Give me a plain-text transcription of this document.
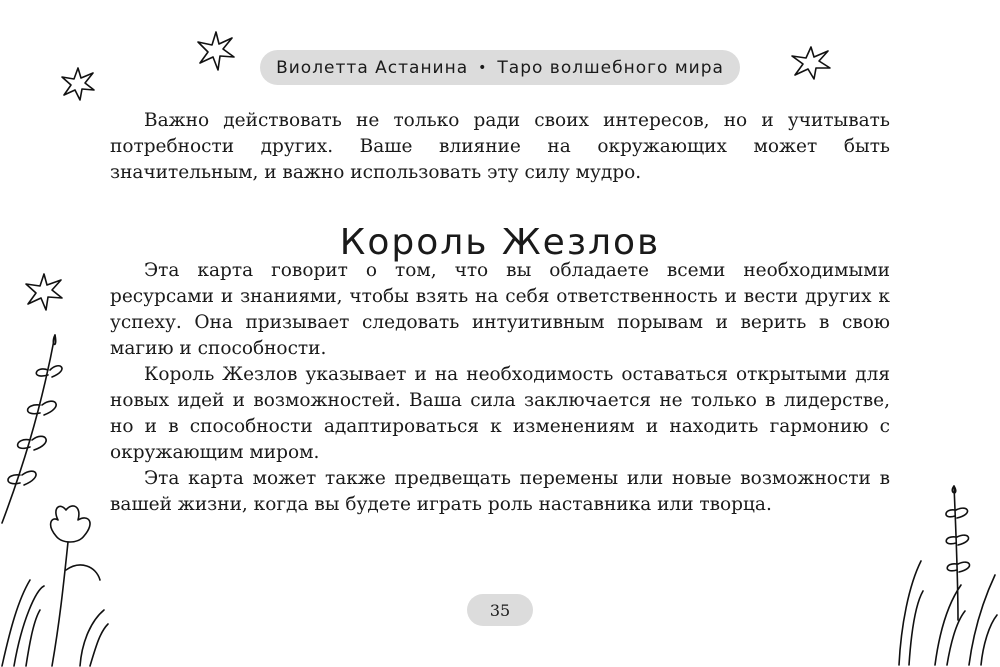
Виолетта Астанина • Таро волшебного мира

Важно действовать не только ради своих интересов, но и учитывать потребности других. Ваше влияние на окружающих может быть значительным, и важно использовать эту силу мудро.

Король Жезлов

Эта карта говорит о том, что вы обладаете всеми необходимыми ресурсами и знаниями, чтобы взять на себя ответственность и вести других к успеху. Она призывает следовать интуитивным порывам и верить в свою магию и способности.

Король Жезлов указывает и на необходимость оставаться открытыми для новых идей и возможностей. Ваша сила заключается не только в лидерстве, но и в способности адаптироваться к изменениям и находить гармонию с окружающим миром.

Эта карта может также предвещать перемены или новые возможности в вашей жизни, когда вы будете играть роль наставника или творца.

35
